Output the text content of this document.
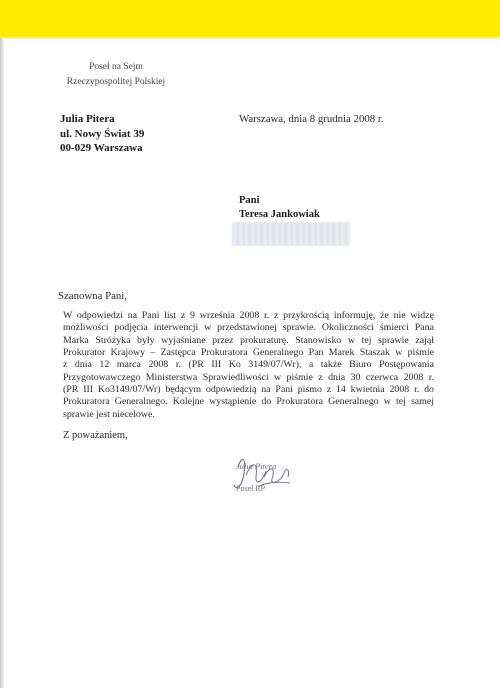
Poseł na Sejm
Rzeczypospolitej Polskiej
Julia Pitera
ul. Nowy Świat 39
00-029 Warszawa
Warszawa, dnia 8 grudnia 2008 r.
Pani
Teresa Jankowiak
Szanowna Pani,
W odpowiedzi na Pani list z 9 września 2008 r. z przykrością informuję, że nie widzę
możliwości podjęcia interwencji w przedstawionej sprawie. Okoliczności śmierci Pana
Marka Stróżyka były wyjaśniane przez prokuraturę. Stanowisko w tej sprawie zajął
Prokurator Krajowy – Zastępca Prokuratora Generalnego Pan Marek Staszak w piśmie
z dnia 12 marca 2008 r. (PR III Ko 3149/07/Wr), a także Biuro Postępowania
Przygotowawczego Ministerstwa Sprawiedliwości w piśmie z dnia 30 czerwca 2008 r.
(PR III Ko3149/07/Wr) będącym odpowiedzią na Pani pismo z 14 kwietnia 2008 r. do
Prokuratora Generalnego. Kolejne wystąpienie do Prokuratora Generalnego w tej samej
sprawie jest niecelowe.
Z poważaniem,
Julia Pitera
Poseł RP
